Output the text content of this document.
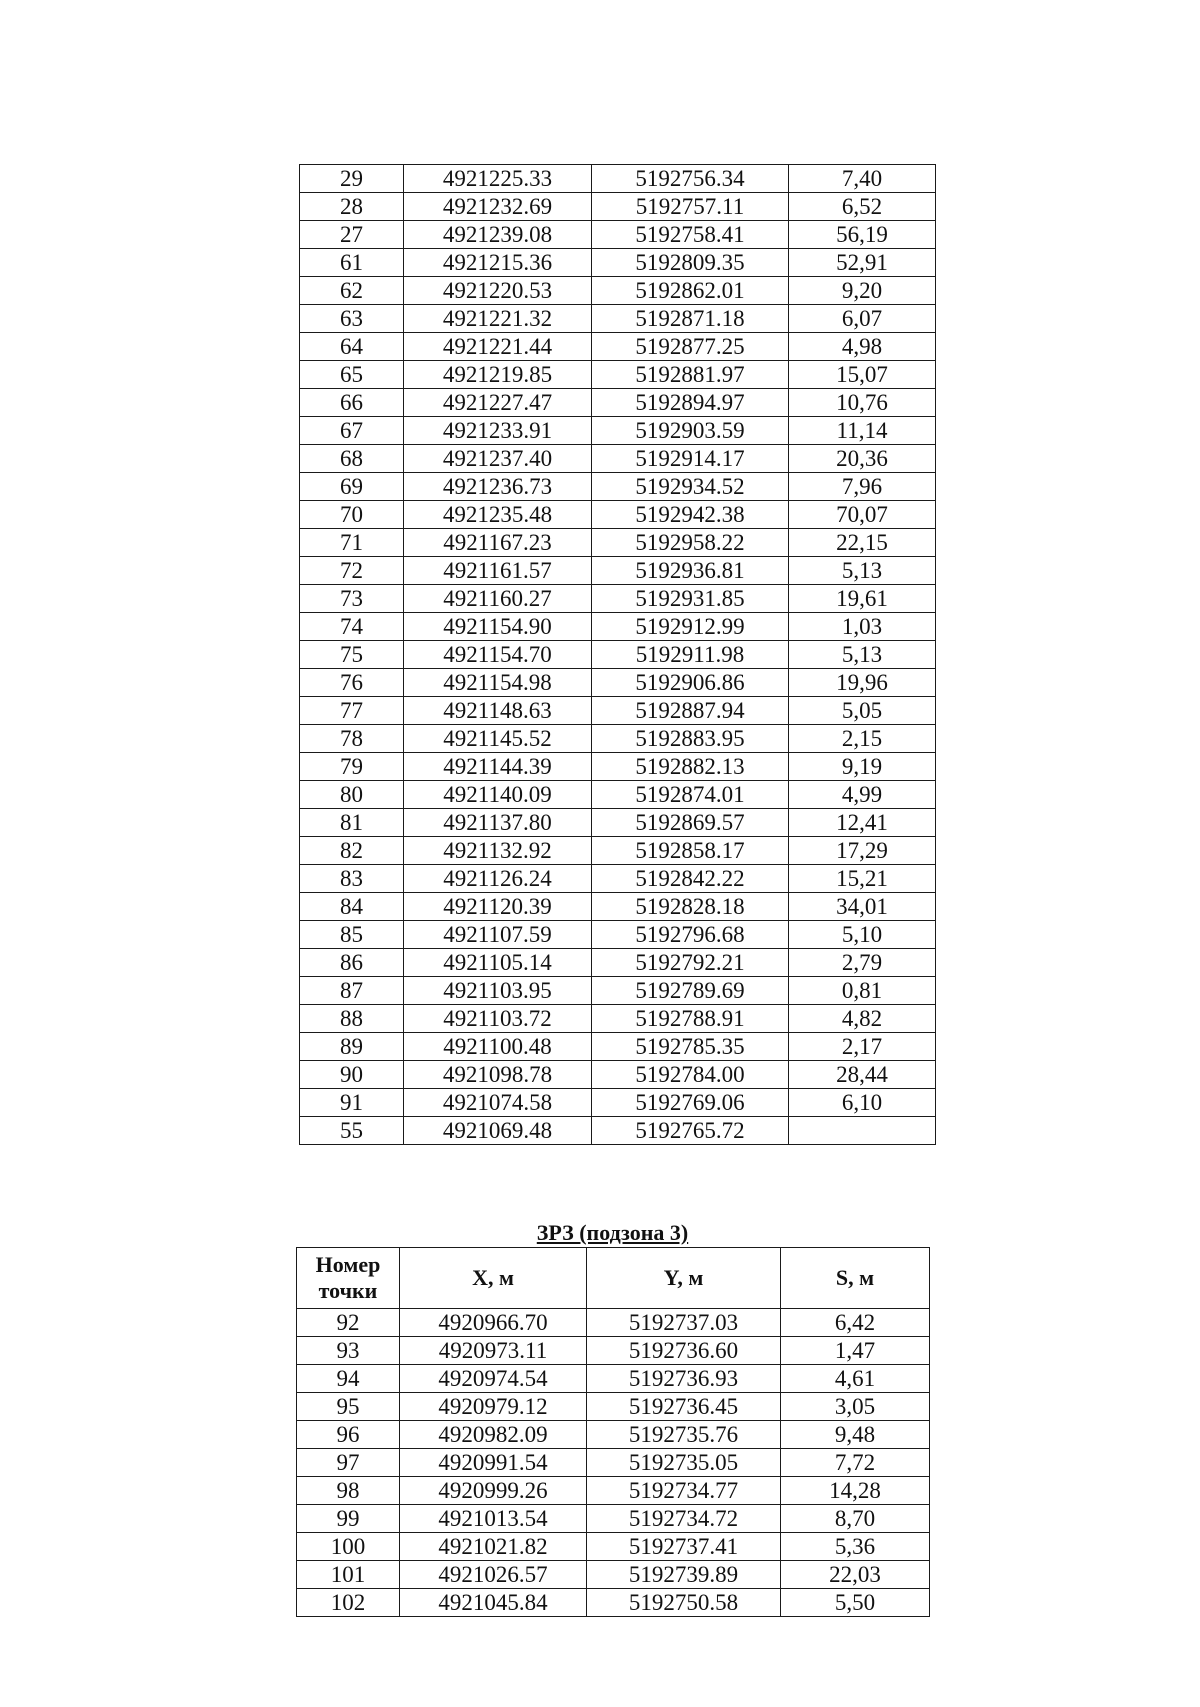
29	4921225.33	5192756.34	7,40
28	4921232.69	5192757.11	6,52
27	4921239.08	5192758.41	56,19
61	4921215.36	5192809.35	52,91
62	4921220.53	5192862.01	9,20
63	4921221.32	5192871.18	6,07
64	4921221.44	5192877.25	4,98
65	4921219.85	5192881.97	15,07
66	4921227.47	5192894.97	10,76
67	4921233.91	5192903.59	11,14
68	4921237.40	5192914.17	20,36
69	4921236.73	5192934.52	7,96
70	4921235.48	5192942.38	70,07
71	4921167.23	5192958.22	22,15
72	4921161.57	5192936.81	5,13
73	4921160.27	5192931.85	19,61
74	4921154.90	5192912.99	1,03
75	4921154.70	5192911.98	5,13
76	4921154.98	5192906.86	19,96
77	4921148.63	5192887.94	5,05
78	4921145.52	5192883.95	2,15
79	4921144.39	5192882.13	9,19
80	4921140.09	5192874.01	4,99
81	4921137.80	5192869.57	12,41
82	4921132.92	5192858.17	17,29
83	4921126.24	5192842.22	15,21
84	4921120.39	5192828.18	34,01
85	4921107.59	5192796.68	5,10
86	4921105.14	5192792.21	2,79
87	4921103.95	5192789.69	0,81
88	4921103.72	5192788.91	4,82
89	4921100.48	5192785.35	2,17
90	4921098.78	5192784.00	28,44
91	4921074.58	5192769.06	6,10
55	4921069.48	5192765.72	
ЗРЗ (подзона 3)
Номер точки	X, м	Y, м	S, м
92	4920966.70	5192737.03	6,42
93	4920973.11	5192736.60	1,47
94	4920974.54	5192736.93	4,61
95	4920979.12	5192736.45	3,05
96	4920982.09	5192735.76	9,48
97	4920991.54	5192735.05	7,72
98	4920999.26	5192734.77	14,28
99	4921013.54	5192734.72	8,70
100	4921021.82	5192737.41	5,36
101	4921026.57	5192739.89	22,03
102	4921045.84	5192750.58	5,50
